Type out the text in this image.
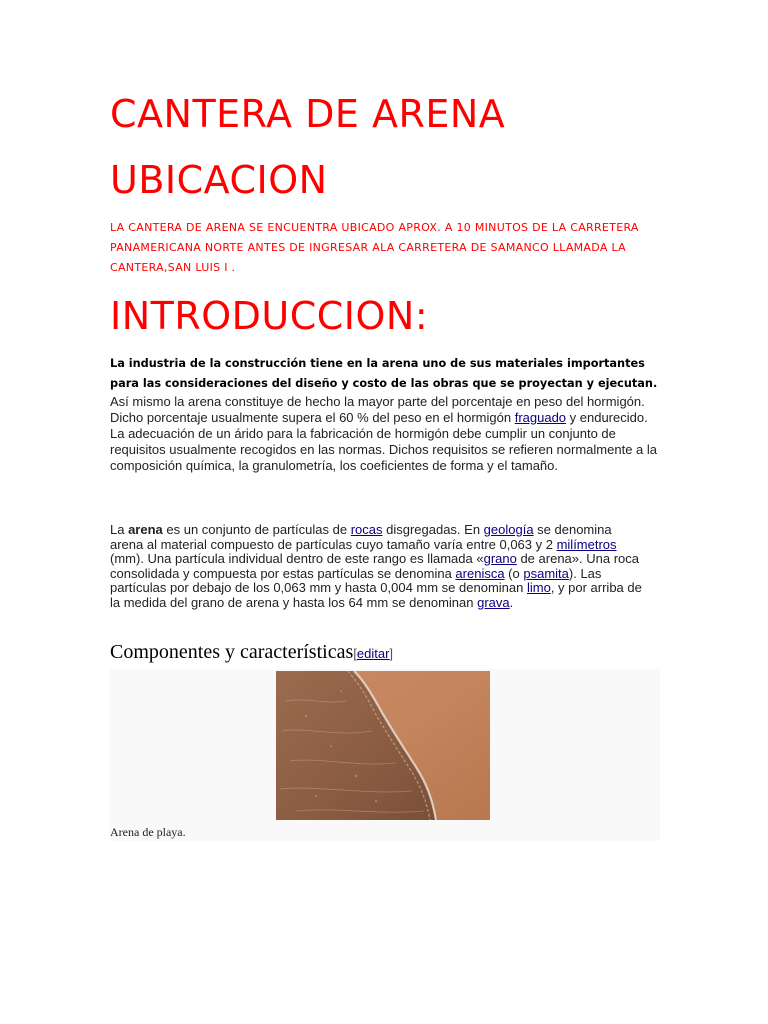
CANTERA DE ARENA
UBICACION

LA CANTERA DE ARENA SE ENCUENTRA UBICADO APROX. A 10 MINUTOS DE LA CARRETERA PANAMERICANA NORTE ANTES DE INGRESAR ALA CARRETERA DE SAMANCO LLAMADA LA CANTERA,SAN LUIS I .

INTRODUCCION:

La industria de la construcción tiene en la arena uno de sus materiales importantes para las consideraciones del diseño y costo de las obras que se proyectan y ejecutan. Así mismo la arena constituye de hecho la mayor parte del porcentaje en peso del hormigón. Dicho porcentaje usualmente supera el 60 % del peso en el hormigón fraguado y endurecido. La adecuación de un árido para la fabricación de hormigón debe cumplir un conjunto de requisitos usualmente recogidos en las normas. Dichos requisitos se refieren normalmente a la composición química, la granulometría, los coeficientes de forma y el tamaño.

La arena es un conjunto de partículas de rocas disgregadas. En geología se denomina arena al material compuesto de partículas cuyo tamaño varía entre 0,063 y 2 milímetros (mm). Una partícula individual dentro de este rango es llamada «grano de arena». Una roca consolidada y compuesta por estas partículas se denomina arenisca (o psamita). Las partículas por debajo de los 0,063 mm y hasta 0,004 mm se denominan limo, y por arriba de la medida del grano de arena y hasta los 64 mm se denominan grava.

Componentes y características[editar]

Arena de playa.
